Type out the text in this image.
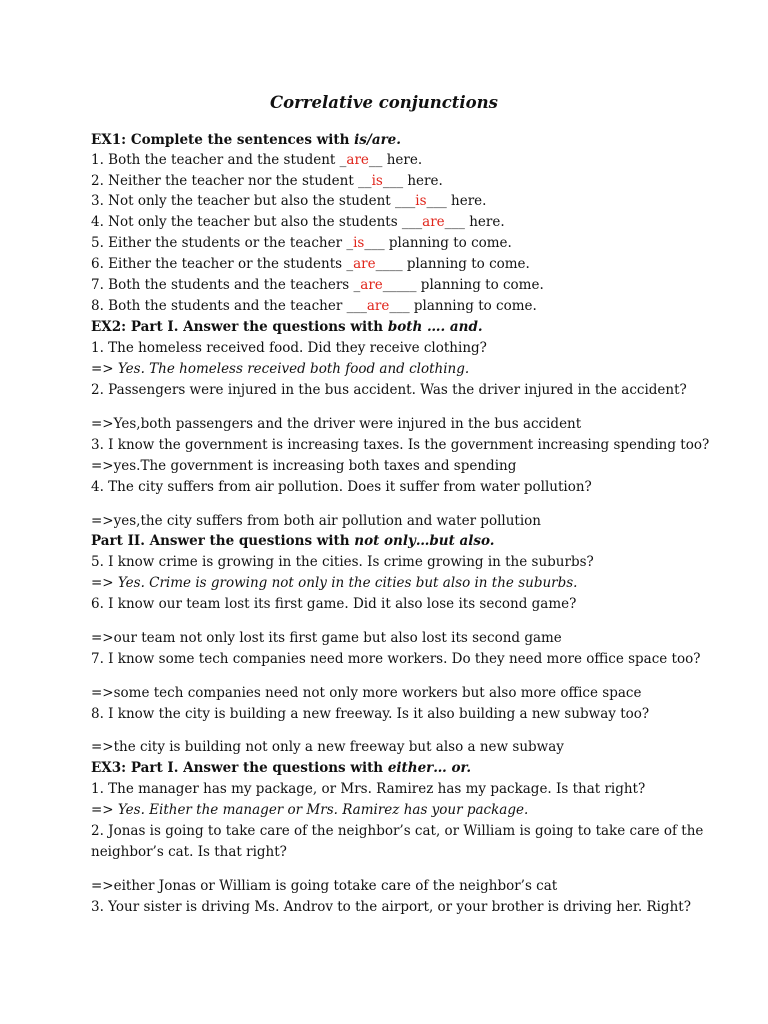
Correlative conjunctions
EX1: Complete the sentences with is/are.
1. Both the teacher and the student _are__ here.
2. Neither the teacher nor the student __is___ here.
3. Not only the teacher but also the student ___is___ here.
4. Not only the teacher but also the students ___are___ here.
5. Either the students or the teacher _is___ planning to come.
6. Either the teacher or the students _are____ planning to come.
7. Both the students and the teachers _are_____ planning to come.
8. Both the students and the teacher ___are___ planning to come.
EX2: Part I. Answer the questions with both …. and.
1. The homeless received food. Did they receive clothing?
=> Yes. The homeless received both food and clothing.
2. Passengers were injured in the bus accident. Was the driver injured in the accident?
=>Yes,both passengers and the driver were injured in the bus accident
3. I know the government is increasing taxes. Is the government increasing spending too?
=>yes.The government is increasing both taxes and spending
4. The city suffers from air pollution. Does it suffer from water pollution?
=>yes,the city suffers from both air pollution and water pollution
Part II. Answer the questions with not only…but also.
5. I know crime is growing in the cities. Is crime growing in the suburbs?
=> Yes. Crime is growing not only in the cities but also in the suburbs.
6. I know our team lost its first game. Did it also lose its second game?
=>our team not only lost its first game but also lost its second game
7. I know some tech companies need more workers. Do they need more office space too?
=>some tech companies need not only more workers but also more office space
8. I know the city is building a new freeway. Is it also building a new subway too?
=>the city is building not only a new freeway but also a new subway
EX3: Part I. Answer the questions with either… or.
1. The manager has my package, or Mrs. Ramirez has my package. Is that right?
=> Yes. Either the manager or Mrs. Ramirez has your package.
2. Jonas is going to take care of the neighbor’s cat, or William is going to take care of the
neighbor’s cat. Is that right?
=>either Jonas or William is going totake care of the neighbor’s cat
3. Your sister is driving Ms. Androv to the airport, or your brother is driving her. Right?
